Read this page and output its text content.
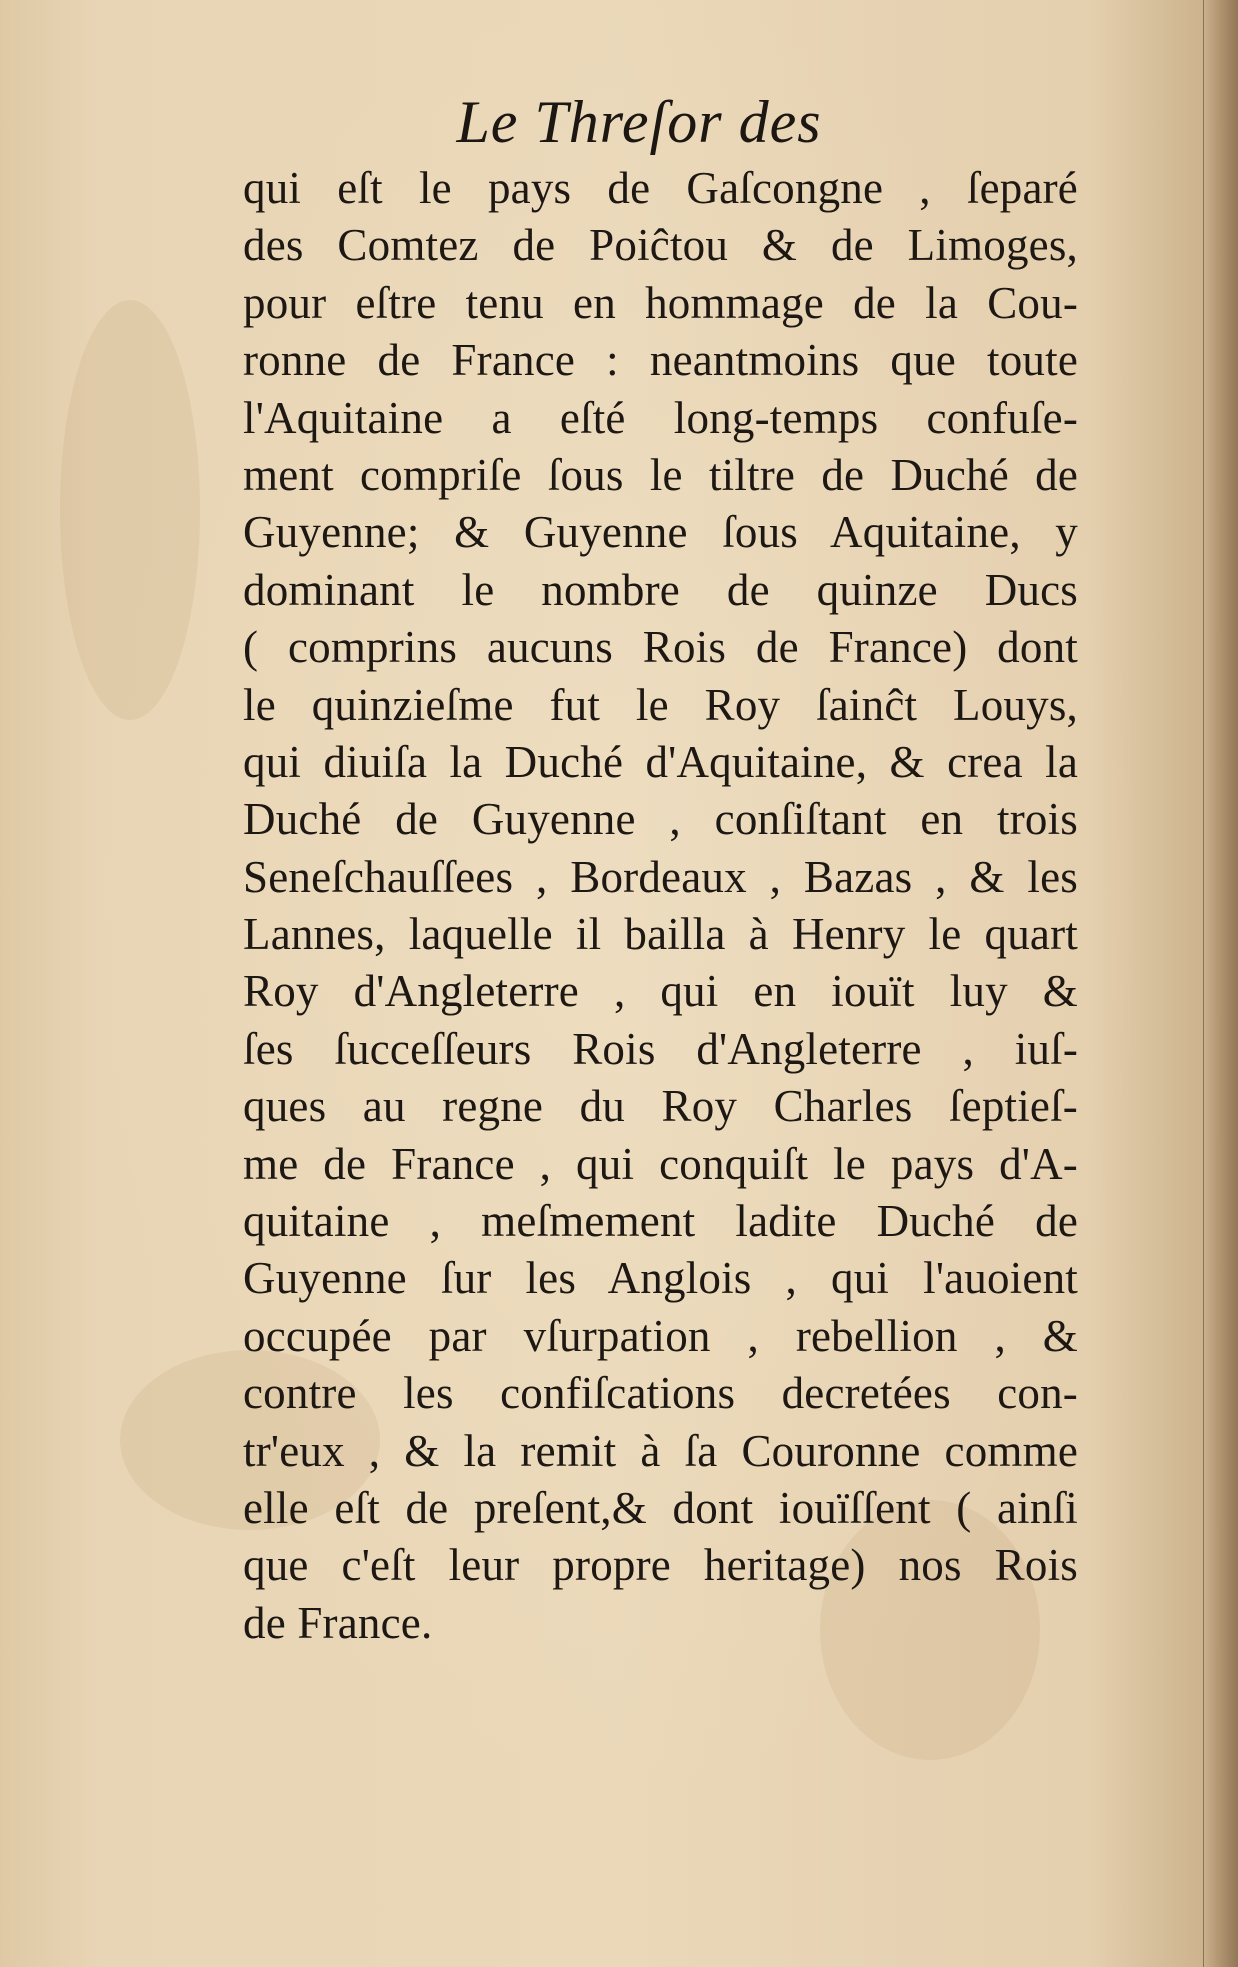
Le Threſor des
qui eſt le pays de Gaſcongne , ſeparé
des Comtez de Poiĉtou & de Limoges,
pour eſtre tenu en hommage de la Cou-
ronne de France : neantmoins que toute
l'Aquitaine a eſté long-temps confuſe-
ment compriſe ſous le tiltre de Duché de
Guyenne; & Guyenne ſous Aquitaine, y
dominant le nombre de quinze Ducs
( comprins aucuns Rois de France) dont
le quinzieſme fut le Roy ſainĉt Louys,
qui diuiſa la Duché d'Aquitaine, & crea la
Duché de Guyenne , conſiſtant en trois
Seneſchauſſees , Bordeaux , Bazas , & les
Lannes, laquelle il bailla à Henry le quart
Roy d'Angleterre , qui en iouït luy &
ſes ſucceſſeurs Rois d'Angleterre , iuſ-
ques au regne du Roy Charles ſeptieſ-
me de France , qui conquiſt le pays d'A-
quitaine , meſmement ladite Duché de
Guyenne ſur les Anglois , qui l'auoient
occupée par vſurpation , rebellion , &
contre les confiſcations decretées con-
tr'eux , & la remit à ſa Couronne comme
elle eſt de preſent,& dont iouïſſent ( ainſi
que c'eſt leur propre heritage) nos Rois
de France.
